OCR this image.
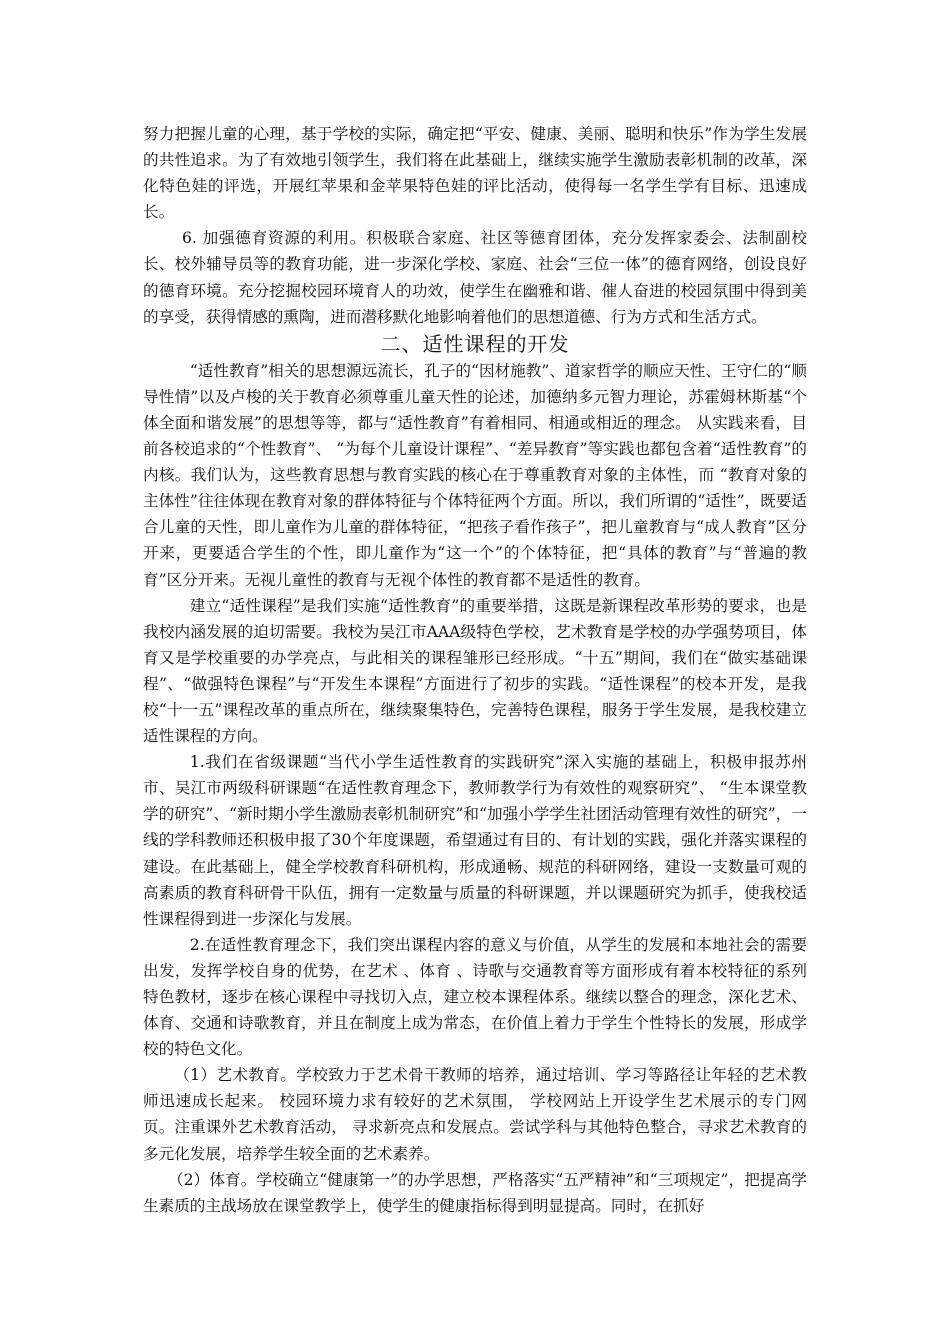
努力把握儿童的心理，基于学校的实际，确定把“平安、健康、美丽、聪明和快乐”作为学生发展的共性追求。为了有效地引领学生，我们将在此基础上，继续实施学生激励表彰机制的改革，深化特色娃的评选，开展红苹果和金苹果特色娃的评比活动，使得每一名学生学有目标、迅速成长。

6. 加强德育资源的利用。积极联合家庭、社区等德育团体，充分发挥家委会、法制副校长、校外辅导员等的教育功能，进一步深化学校、家庭、社会“三位一体”的德育网络，创设良好的德育环境。充分挖掘校园环境育人的功效，使学生在幽雅和谐、催人奋进的校园氛围中得到美的享受，获得情感的熏陶，进而潜移默化地影响着他们的思想道德、行为方式和生活方式。

二、适性课程的开发

“适性教育”相关的思想源远流长，孔子的“因材施教”、道家哲学的顺应天性、王守仁的“顺导性情”以及卢梭的关于教育必须尊重儿童天性的论述，加德纳多元智力理论，苏霍姆林斯基“个体全面和谐发展”的思想等等，都与“适性教育”有着相同、相通或相近的理念。 从实践来看，目前各校追求的“个性教育”、 “为每个儿童设计课程”、“差异教育”等实践也都包含着“适性教育”的内核。我们认为，这些教育思想与教育实践的核心在于尊重教育对象的主体性，而 “教育对象的主体性”往往体现在教育对象的群体特征与个体特征两个方面。所以，我们所谓的“适性”，既要适合儿童的天性，即儿童作为儿童的群体特征，“把孩子看作孩子”，把儿童教育与“成人教育”区分开来，更要适合学生的个性，即儿童作为“这一个”的个体特征，把“具体的教育”与“普遍的教育”区分开来。无视儿童性的教育与无视个体性的教育都不是适性的教育。

建立“适性课程”是我们实施“适性教育”的重要举措，这既是新课程改革形势的要求，也是我校内涵发展的迫切需要。我校为吴江市AAA级特色学校，艺术教育是学校的办学强势项目，体育又是学校重要的办学亮点，与此相关的课程雏形已经形成。“十五”期间，我们在“做实基础课程”、“做强特色课程”与“开发生本课程”方面进行了初步的实践。“适性课程”的校本开发，是我校“十一五”课程改革的重点所在，继续聚集特色，完善特色课程，服务于学生发展，是我校建立适性课程的方向。

1.我们在省级课题“当代小学生适性教育的实践研究”深入实施的基础上，积极申报苏州市、吴江市两级科研课题“在适性教育理念下，教师教学行为有效性的观察研究”、 “生本课堂教学的研究”、“新时期小学生激励表彰机制研究”和“加强小学学生社团活动管理有效性的研究”，一线的学科教师还积极申报了30个年度课题，希望通过有目的、有计划的实践，强化并落实课程的建设。在此基础上，健全学校教育科研机构，形成通畅、规范的科研网络，建设一支数量可观的高素质的教育科研骨干队伍，拥有一定数量与质量的科研课题，并以课题研究为抓手，使我校适性课程得到进一步深化与发展。

2.在适性教育理念下，我们突出课程内容的意义与价值，从学生的发展和本地社会的需要出发，发挥学校自身的优势，在艺术 、体育 、诗歌与交通教育等方面形成有着本校特征的系列特色教材，逐步在核心课程中寻找切入点，建立校本课程体系。继续以整合的理念，深化艺术、体育、交通和诗歌教育，并且在制度上成为常态，在价值上着力于学生个性特长的发展，形成学校的特色文化。

（1）艺术教育。学校致力于艺术骨干教师的培养，通过培训、学习等路径让年轻的艺术教师迅速成长起来。 校园环境力求有较好的艺术氛围， 学校网站上开设学生艺术展示的专门网页。注重课外艺术教育活动， 寻求新亮点和发展点。尝试学科与其他特色整合，寻求艺术教育的多元化发展，培养学生较全面的艺术素养。

（2）体育。学校确立“健康第一”的办学思想，严格落实“五严精神”和“三项规定”，把提高学生素质的主战场放在课堂教学上，使学生的健康指标得到明显提高。同时，在抓好
